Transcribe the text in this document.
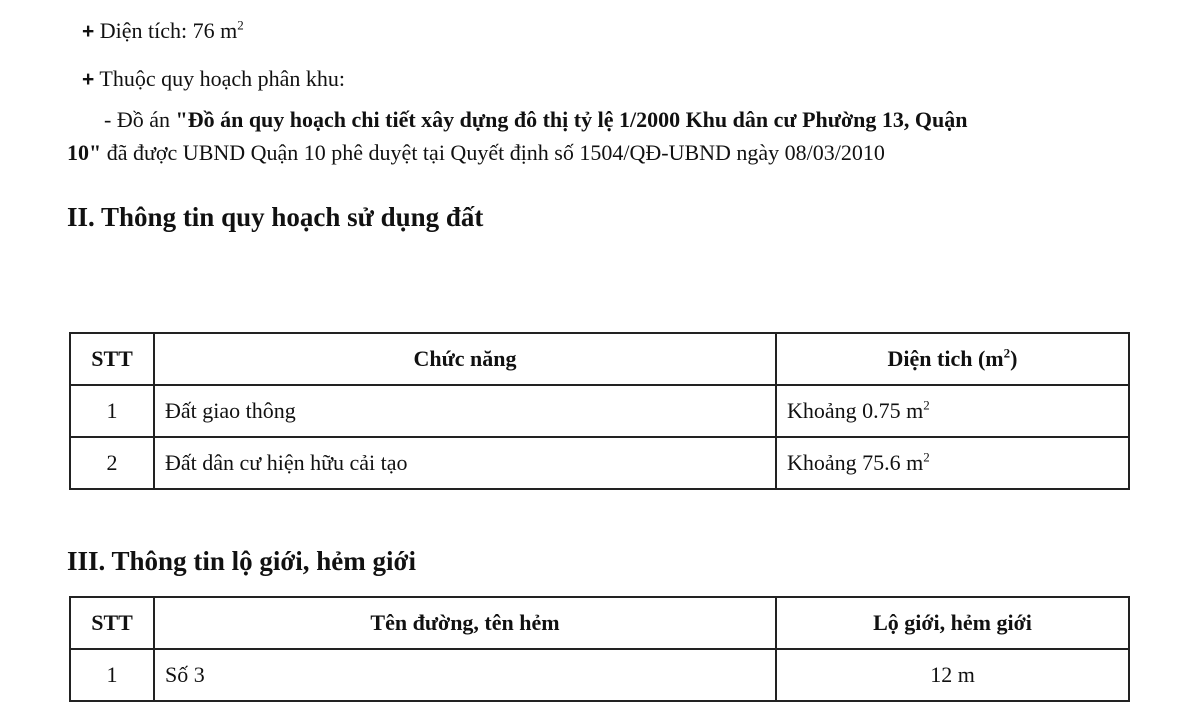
+ Diện tích: 76 $m^2$
+ Thuộc quy hoạch phân khu:
- Đồ án "Đồ án quy hoạch chi tiết xây dựng đô thị tỷ lệ 1/2000 Khu dân cư Phường 13, Quận
10" đã được UBND Quận 10 phê duyệt tại Quyết định số 1504/QĐ-UBND ngày 08/03/2010
II. Thông tin quy hoạch sử dụng đất
STT	Chức năng	Diện tich $(m^2)$
1	Đất giao thông	Khoảng 0.75 $m^2$
2	Đất dân cư hiện hữu cải tạo	Khoảng 75.6 $m^2$
III. Thông tin lộ giới, hẻm giới
STT	Tên đường, tên hẻm	Lộ giới, hẻm giới
1	Số 3	12 m
